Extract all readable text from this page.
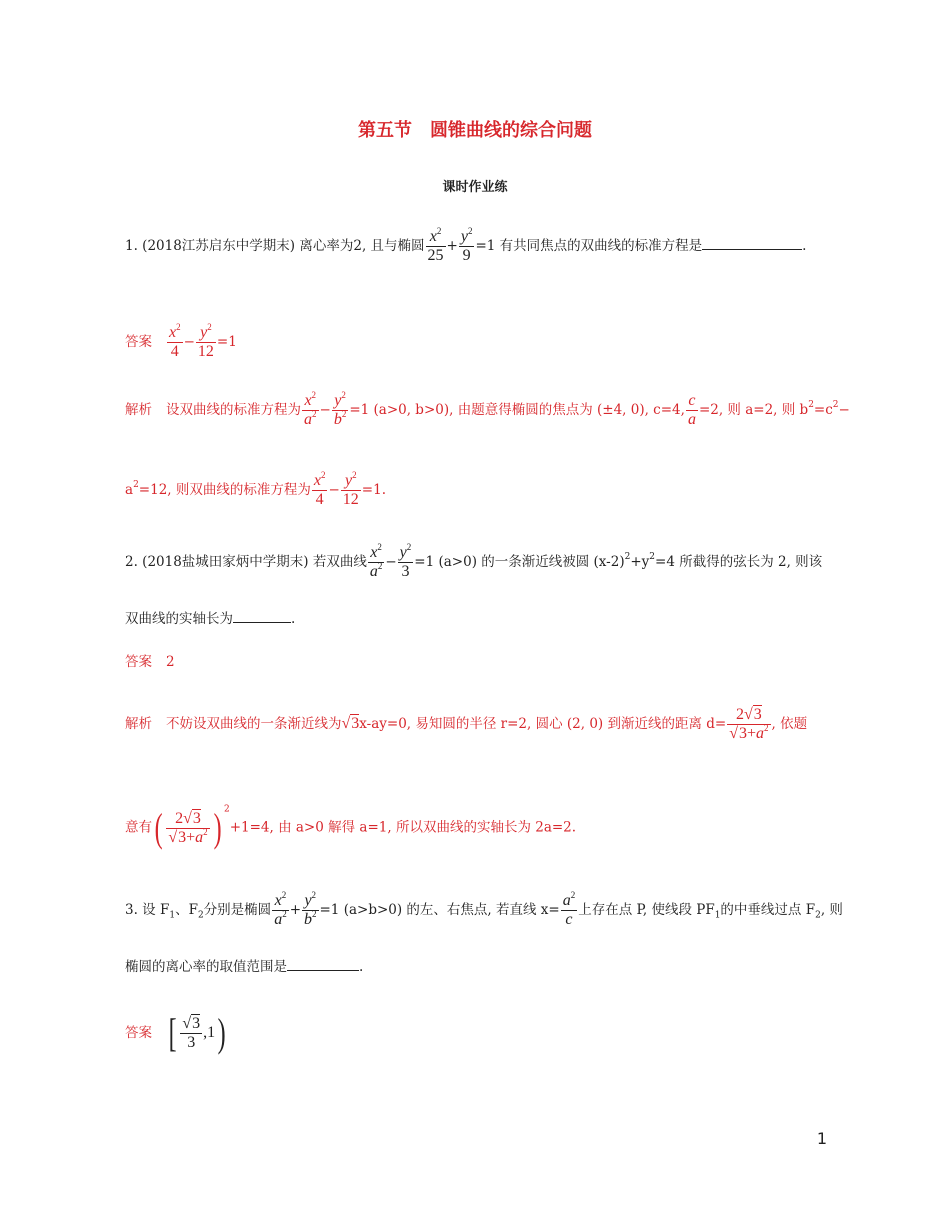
第五节　圆锥曲线的综合问题
课时作业练
1. (2018江苏启东中学期末) 离心率为2, 且与椭圆 $\frac{x^2}{25} + \frac{y^2}{9} =1$ 有共同焦点的双曲线的标准方程是	.
答案 $\frac{x^2}{4} - \frac{y^2}{12} =1$
解析 设双曲线的标准方程为 $\frac{x^2}{a^2} - \frac{y^2}{b^2} =1$ (a>0, b>0), 由题意得椭圆的焦点为 (±4, 0), c=4, $\frac{c}{a} =2$, 则 a=2, 则 $b^2=c^2-$
$a^2=12$, 则双曲线的标准方程为 $\frac{x^2}{4} - \frac{y^2}{12} =1$.
2. (2018盐城田家炳中学期末) 若双曲线 $\frac{x^2}{a^2} - \frac{y^2}{3} =1$ (a>0) 的一条渐近线被圆 $(x-2)^2+y^2=4$ 所截得的弦长为 2, 则该
双曲线的实轴长为	.
答案 2
解析 不妨设双曲线的一条渐近线为√3x-ay=0, 易知圆的半径 r=2, 圆心 (2, 0) 到渐近线的距离 $d= \frac{2√3}{√3+a^2}$ , 依题
意有( $\frac{2√3}{√3+a^2}$ ) $^2$+1=4, 由 a>0 解得 a=1, 所以双曲线的实轴长为 2a=2.
3. 设 $F_1$、$F_2$分别是椭圆 $\frac{x^2}{a^2} + \frac{y^2}{b^2} =1$ (a>b>0) 的左、右焦点, 若直线 $x= \frac{a^2}{c}$ 上存在点 P, 使线段 $PF_1$的中垂线过点 $F_2$, 则
椭圆的离心率的取值范围是	.
答案 [ $\frac{√3}{3} ,1$)
1
